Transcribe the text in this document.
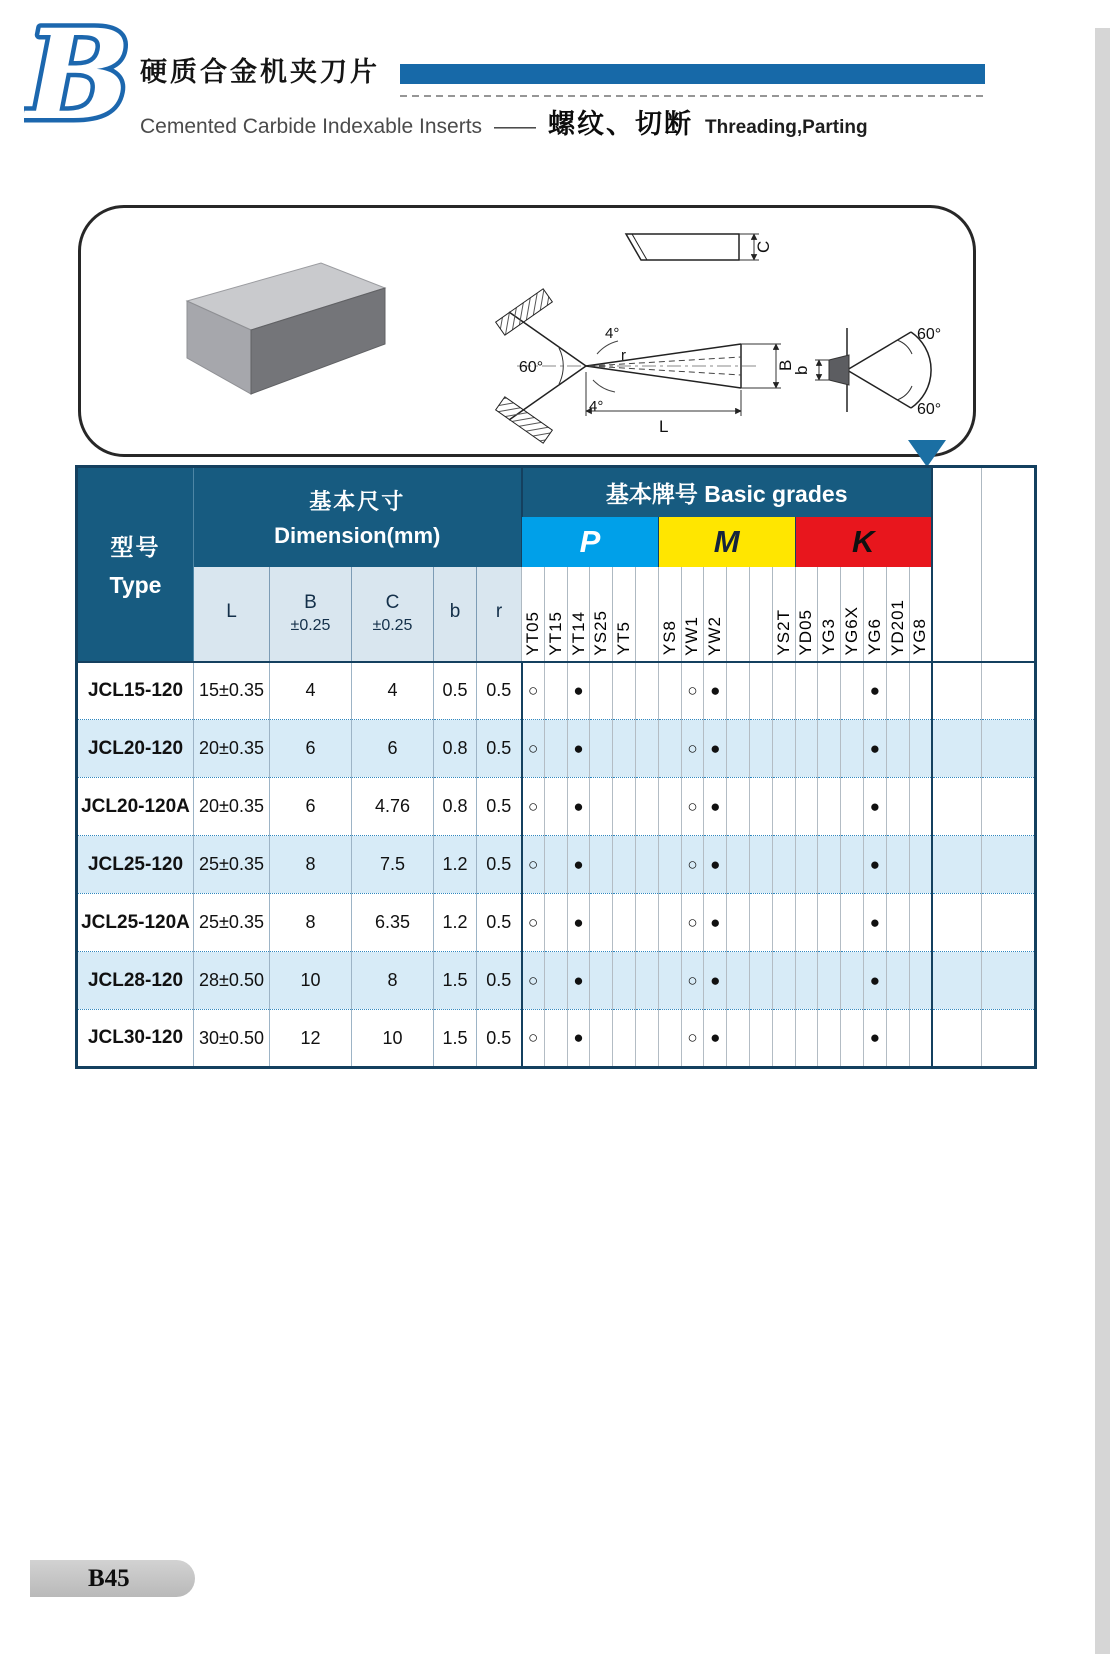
B 硬质合金机夹刀片
Cemented Carbide Indexable Inserts —— 螺纹、切断 Threading,Parting
C
60°
4°
4°
r
B
L
b
60°
60°
型号
Type

基本尺寸
Dimension(mm)
	基本牌号 Basic grades		
						P						M						K							

L	B
±0.25

C
±0.25

b	r	YT05	YT15	YT14	YS25	YT5		YS8	YW1	YW2			YS2T	YD05	YG3	YG6X	YG6	YD201	YG8
JCL15-120	15±0.35	4	4	0.5	0.5	○		●					○	●							●				
JCL20-120	20±0.35	6	6	0.8	0.5	○		●					○	●							●				
JCL20-120A	20±0.35	6	4.76	0.8	0.5	○		●					○	●							●				
JCL25-120	25±0.35	8	7.5	1.2	0.5	○		●					○	●							●				
JCL25-120A	25±0.35	8	6.35	1.2	0.5	○		●					○	●							●				
JCL28-120	28±0.50	10	8	1.5	0.5	○		●					○	●							●				
JCL30-120	30±0.50	12	10	1.5	0.5	○		●					○	●							●				
B45
